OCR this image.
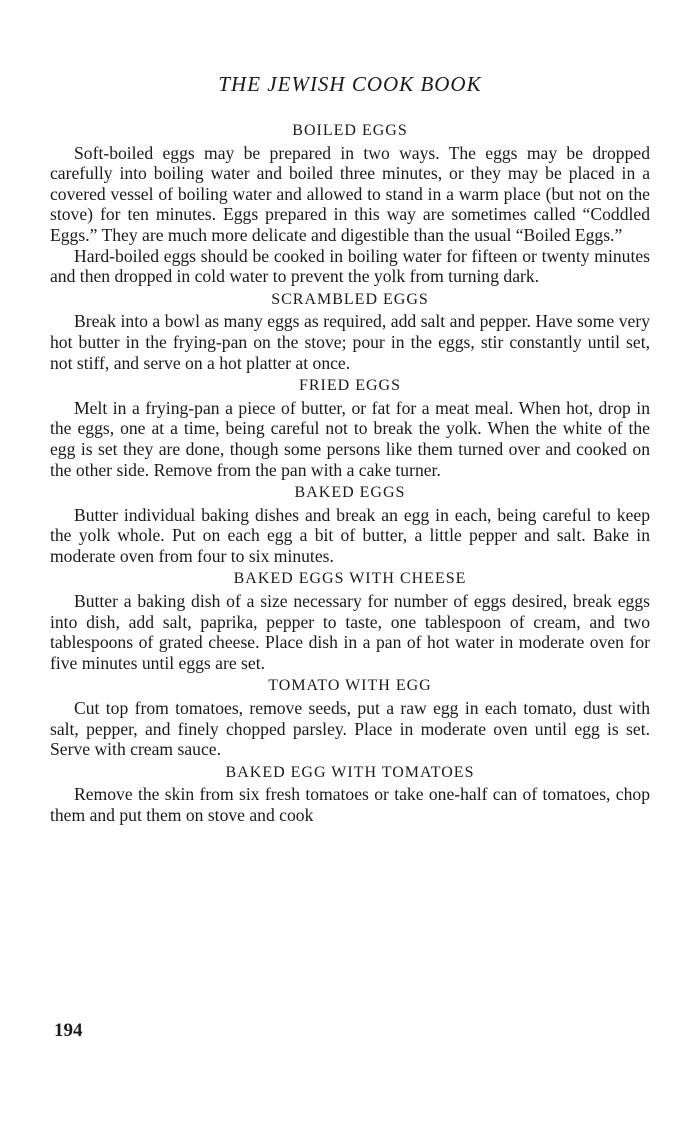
THE JEWISH COOK BOOK
BOILED EGGS

Soft-boiled eggs may be prepared in two ways. The eggs may be dropped carefully into boiling water and boiled three minutes, or they may be placed in a covered vessel of boiling water and allowed to stand in a warm place (but not on the stove) for ten minutes. Eggs prepared in this way are sometimes called “Coddled Eggs.” They are much more delicate and digestible than the usual “Boiled Eggs.”

Hard-boiled eggs should be cooked in boiling water for fifteen or twenty minutes and then dropped in cold water to prevent the yolk from turning dark.

SCRAMBLED EGGS

Break into a bowl as many eggs as required, add salt and pepper. Have some very hot butter in the frying-pan on the stove; pour in the eggs, stir constantly until set, not stiff, and serve on a hot platter at once.

FRIED EGGS

Melt in a frying-pan a piece of butter, or fat for a meat meal. When hot, drop in the eggs, one at a time, being careful not to break the yolk. When the white of the egg is set they are done, though some persons like them turned over and cooked on the other side. Remove from the pan with a cake turner.

BAKED EGGS

Butter individual baking dishes and break an egg in each, being careful to keep the yolk whole. Put on each egg a bit of butter, a little pepper and salt. Bake in moderate oven from four to six minutes.

BAKED EGGS WITH CHEESE

Butter a baking dish of a size necessary for number of eggs desired, break eggs into dish, add salt, paprika, pepper to taste, one tablespoon of cream, and two tablespoons of grated cheese. Place dish in a pan of hot water in moderate oven for five minutes until eggs are set.

TOMATO WITH EGG

Cut top from tomatoes, remove seeds, put a raw egg in each tomato, dust with salt, pepper, and finely chopped parsley. Place in moderate oven until egg is set. Serve with cream sauce.

BAKED EGG WITH TOMATOES

Remove the skin from six fresh tomatoes or take one-half can of tomatoes, chop them and put them on stove and cook

194
